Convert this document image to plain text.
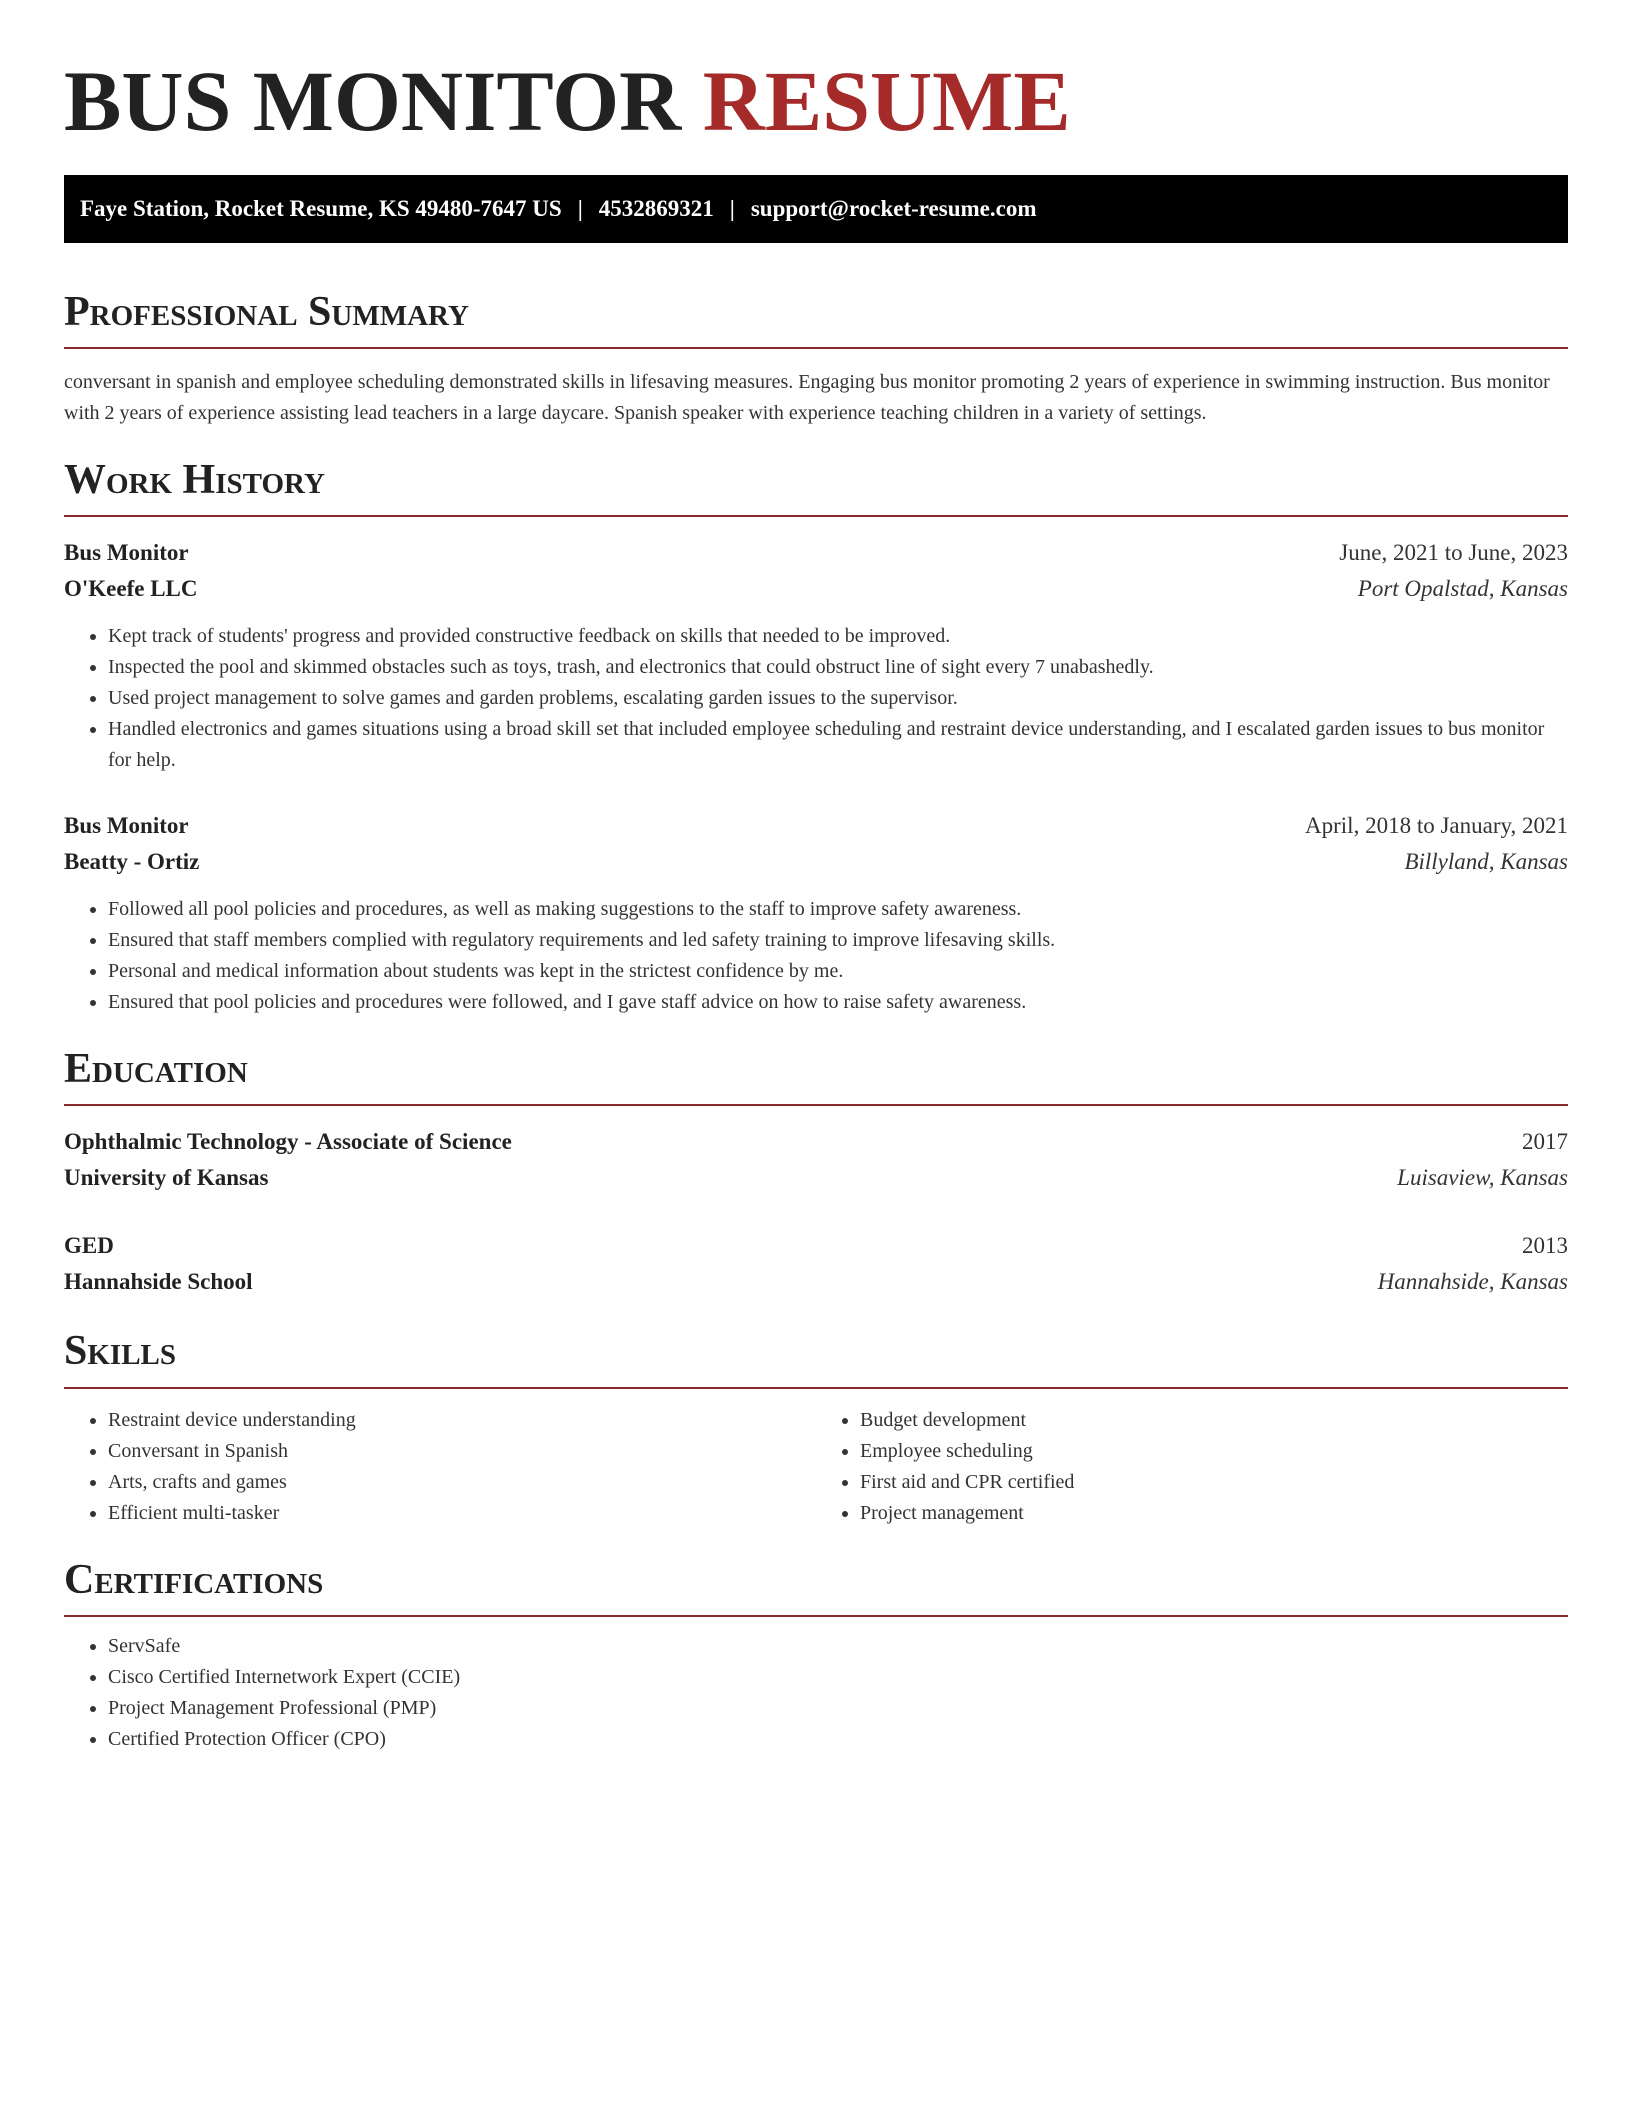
BUS MONITOR RESUME
Faye Station, Rocket Resume, KS 49480-7647 US | 4532869321 | support@rocket-resume.com
Professional Summary

conversant in spanish and employee scheduling demonstrated skills in lifesaving measures. Engaging bus monitor promoting 2 years of experience in swimming instruction. Bus monitor with 2 years of experience assisting lead teachers in a large daycare. Spanish speaker with experience teaching children in a variety of settings.

Work History
Bus Monitor	June, 2021 to June, 2023
O'Keefe LLC	Port Opalstad, Kansas
• Kept track of students' progress and provided constructive feedback on skills that needed to be improved.
• Inspected the pool and skimmed obstacles such as toys, trash, and electronics that could obstruct line of sight every 7 unabashedly.
• Used project management to solve games and garden problems, escalating garden issues to the supervisor.
• Handled electronics and games situations using a broad skill set that included employee scheduling and restraint device understanding, and I escalated garden issues to bus monitor for help.
Bus Monitor	April, 2018 to January, 2021
Beatty - Ortiz	Billyland, Kansas
• Followed all pool policies and procedures, as well as making suggestions to the staff to improve safety awareness.
• Ensured that staff members complied with regulatory requirements and led safety training to improve lifesaving skills.
• Personal and medical information about students was kept in the strictest confidence by me.
• Ensured that pool policies and procedures were followed, and I gave staff advice on how to raise safety awareness.
Education
Ophthalmic Technology - Associate of Science	2017
University of Kansas	Luisaview, Kansas
GED	2013
Hannahside School	Hannahside, Kansas
Skills
• Restraint device understanding
• Conversant in Spanish
• Arts, crafts and games
• Efficient multi-tasker
• Budget development
• Employee scheduling
• First aid and CPR certified
• Project management
Certifications
• ServSafe
• Cisco Certified Internetwork Expert (CCIE)
• Project Management Professional (PMP)
• Certified Protection Officer (CPO)
